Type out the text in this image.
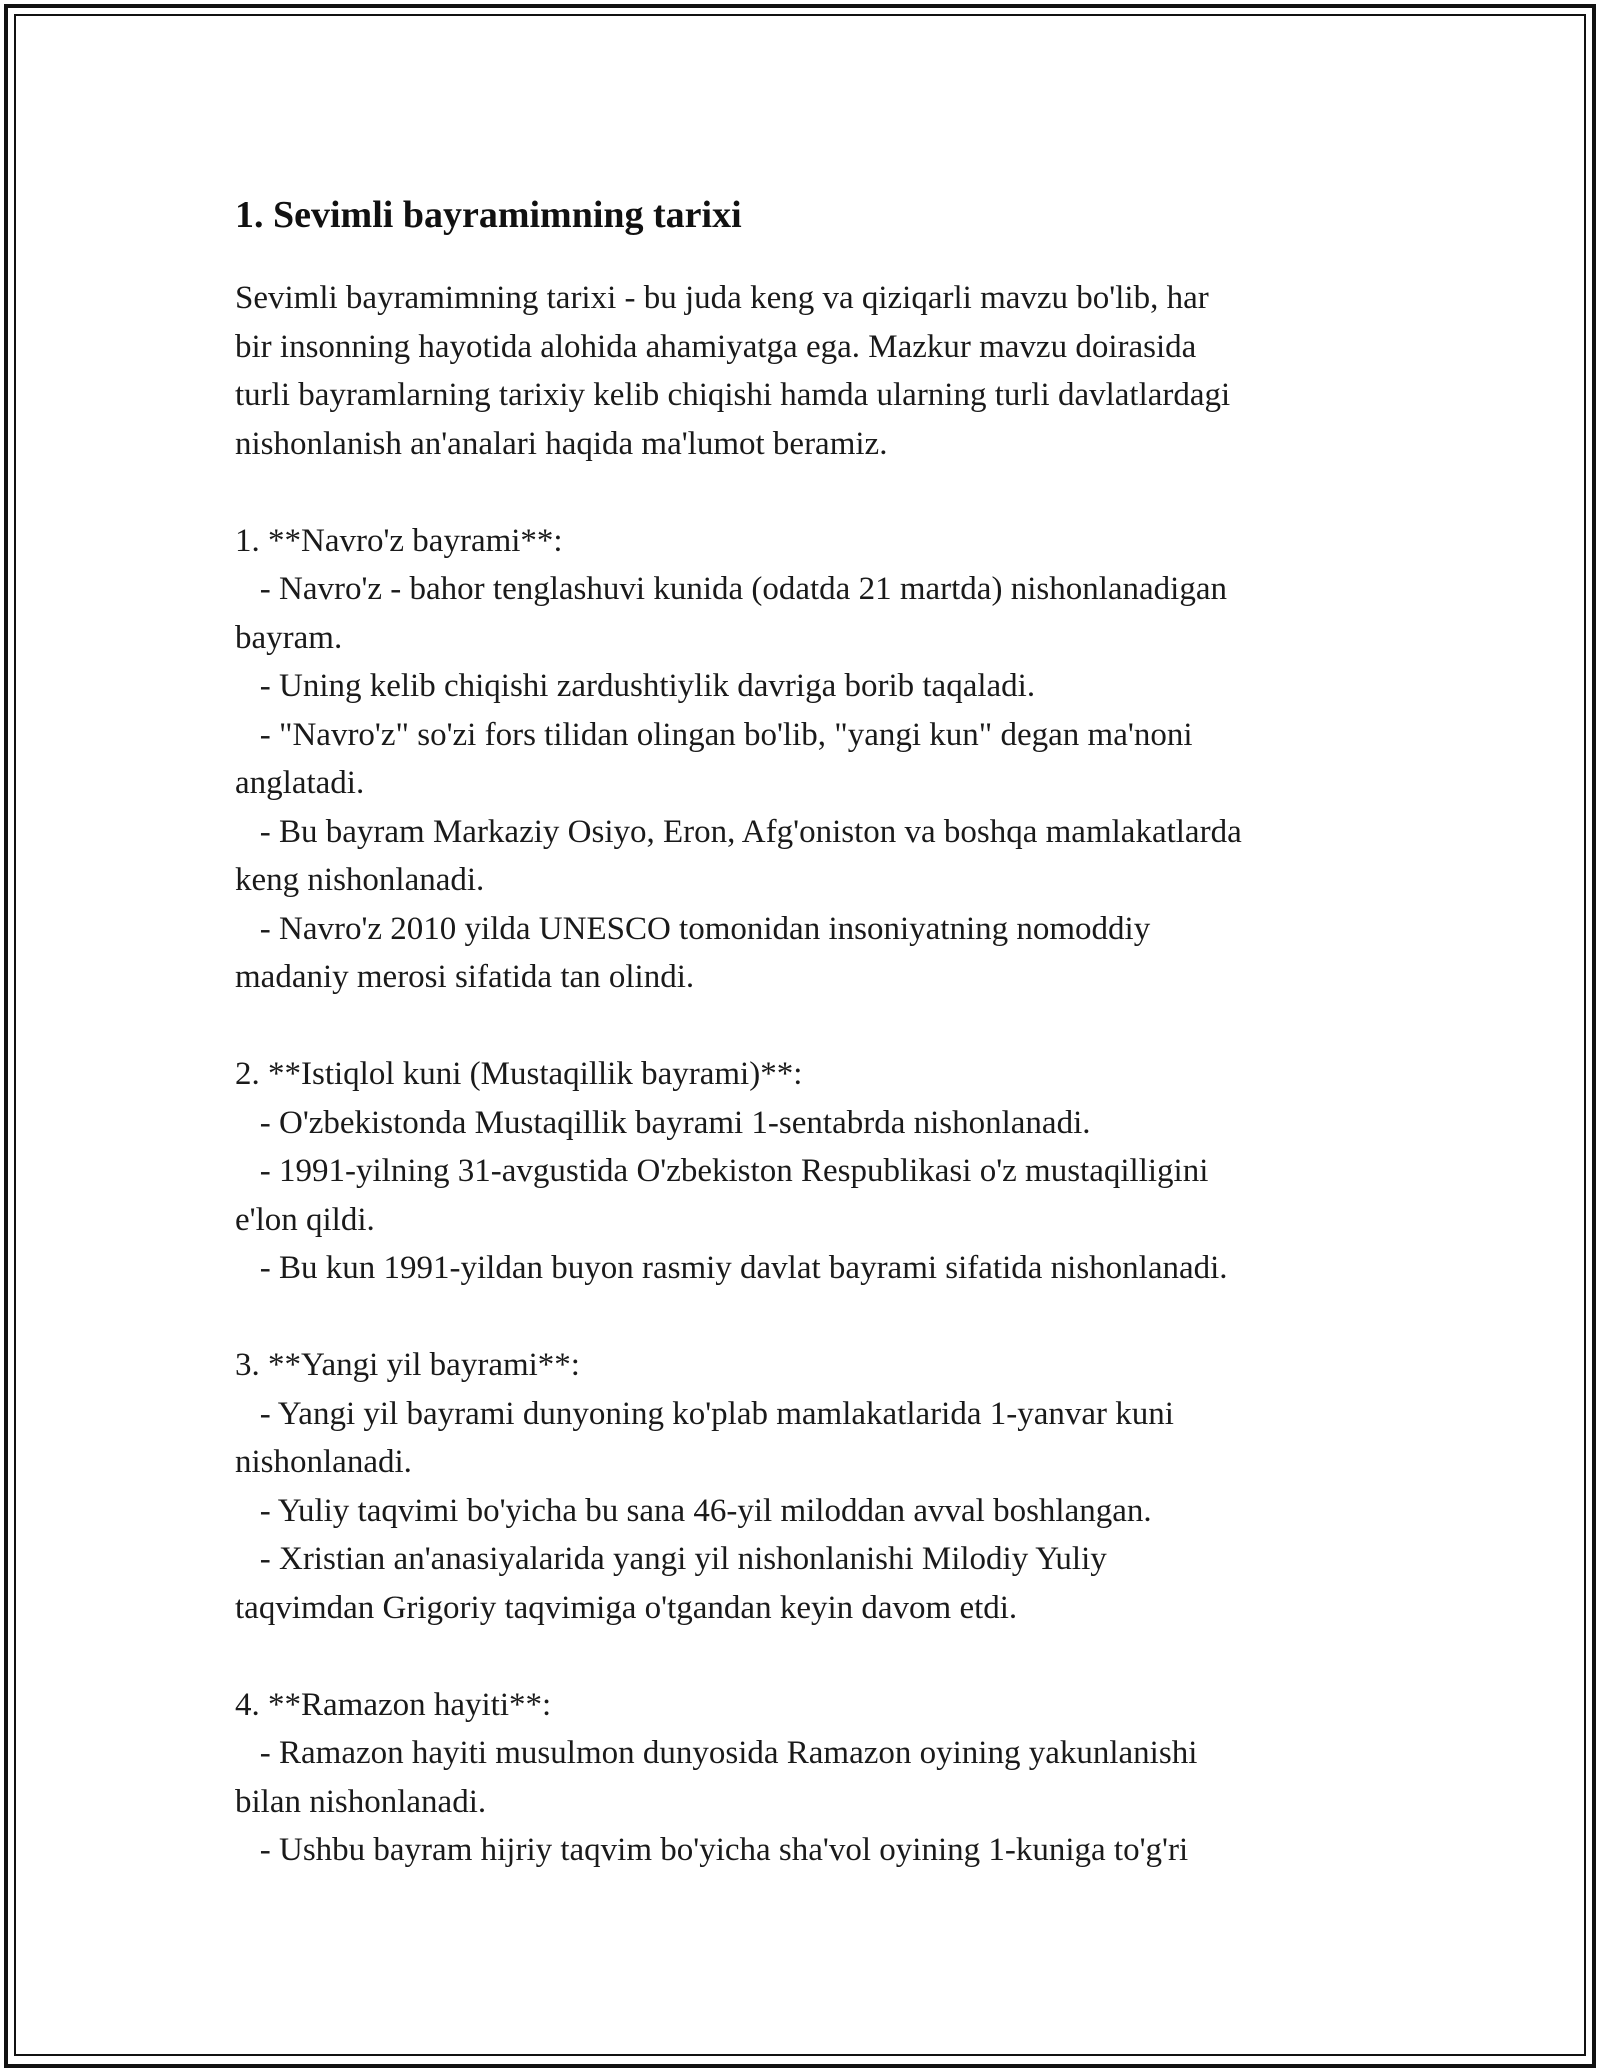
1. Sevimli bayramimning tarixi

Sevimli bayramimning tarixi - bu juda keng va qiziqarli mavzu bo'lib, har
bir insonning hayotida alohida ahamiyatga ega. Mazkur mavzu doirasida
turli bayramlarning tarixiy kelib chiqishi hamda ularning turli davlatlardagi
nishonlanish an'analari haqida ma'lumot beramiz.

1. **Navro'z bayrami**:
- Navro'z - bahor tenglashuvi kunida (odatda 21 martda) nishonlanadigan
bayram.
- Uning kelib chiqishi zardushtiylik davriga borib taqaladi.
- "Navro'z" so'zi fors tilidan olingan bo'lib, "yangi kun" degan ma'noni
anglatadi.
- Bu bayram Markaziy Osiyo, Eron, Afg'oniston va boshqa mamlakatlarda
keng nishonlanadi.
- Navro'z 2010 yilda UNESCO tomonidan insoniyatning nomoddiy
madaniy merosi sifatida tan olindi.

2. **Istiqlol kuni (Mustaqillik bayrami)**:
- O'zbekistonda Mustaqillik bayrami 1-sentabrda nishonlanadi.
- 1991-yilning 31-avgustida O'zbekiston Respublikasi o'z mustaqilligini
e'lon qildi.
- Bu kun 1991-yildan buyon rasmiy davlat bayrami sifatida nishonlanadi.

3. **Yangi yil bayrami**:
- Yangi yil bayrami dunyoning ko'plab mamlakatlarida 1-yanvar kuni
nishonlanadi.
- Yuliy taqvimi bo'yicha bu sana 46-yil miloddan avval boshlangan.
- Xristian an'anasiyalarida yangi yil nishonlanishi Milodiy Yuliy
taqvimdan Grigoriy taqvimiga o'tgandan keyin davom etdi.

4. **Ramazon hayiti**:
- Ramazon hayiti musulmon dunyosida Ramazon oyining yakunlanishi
bilan nishonlanadi.
- Ushbu bayram hijriy taqvim bo'yicha sha'vol oyining 1-kuniga to'g'ri
